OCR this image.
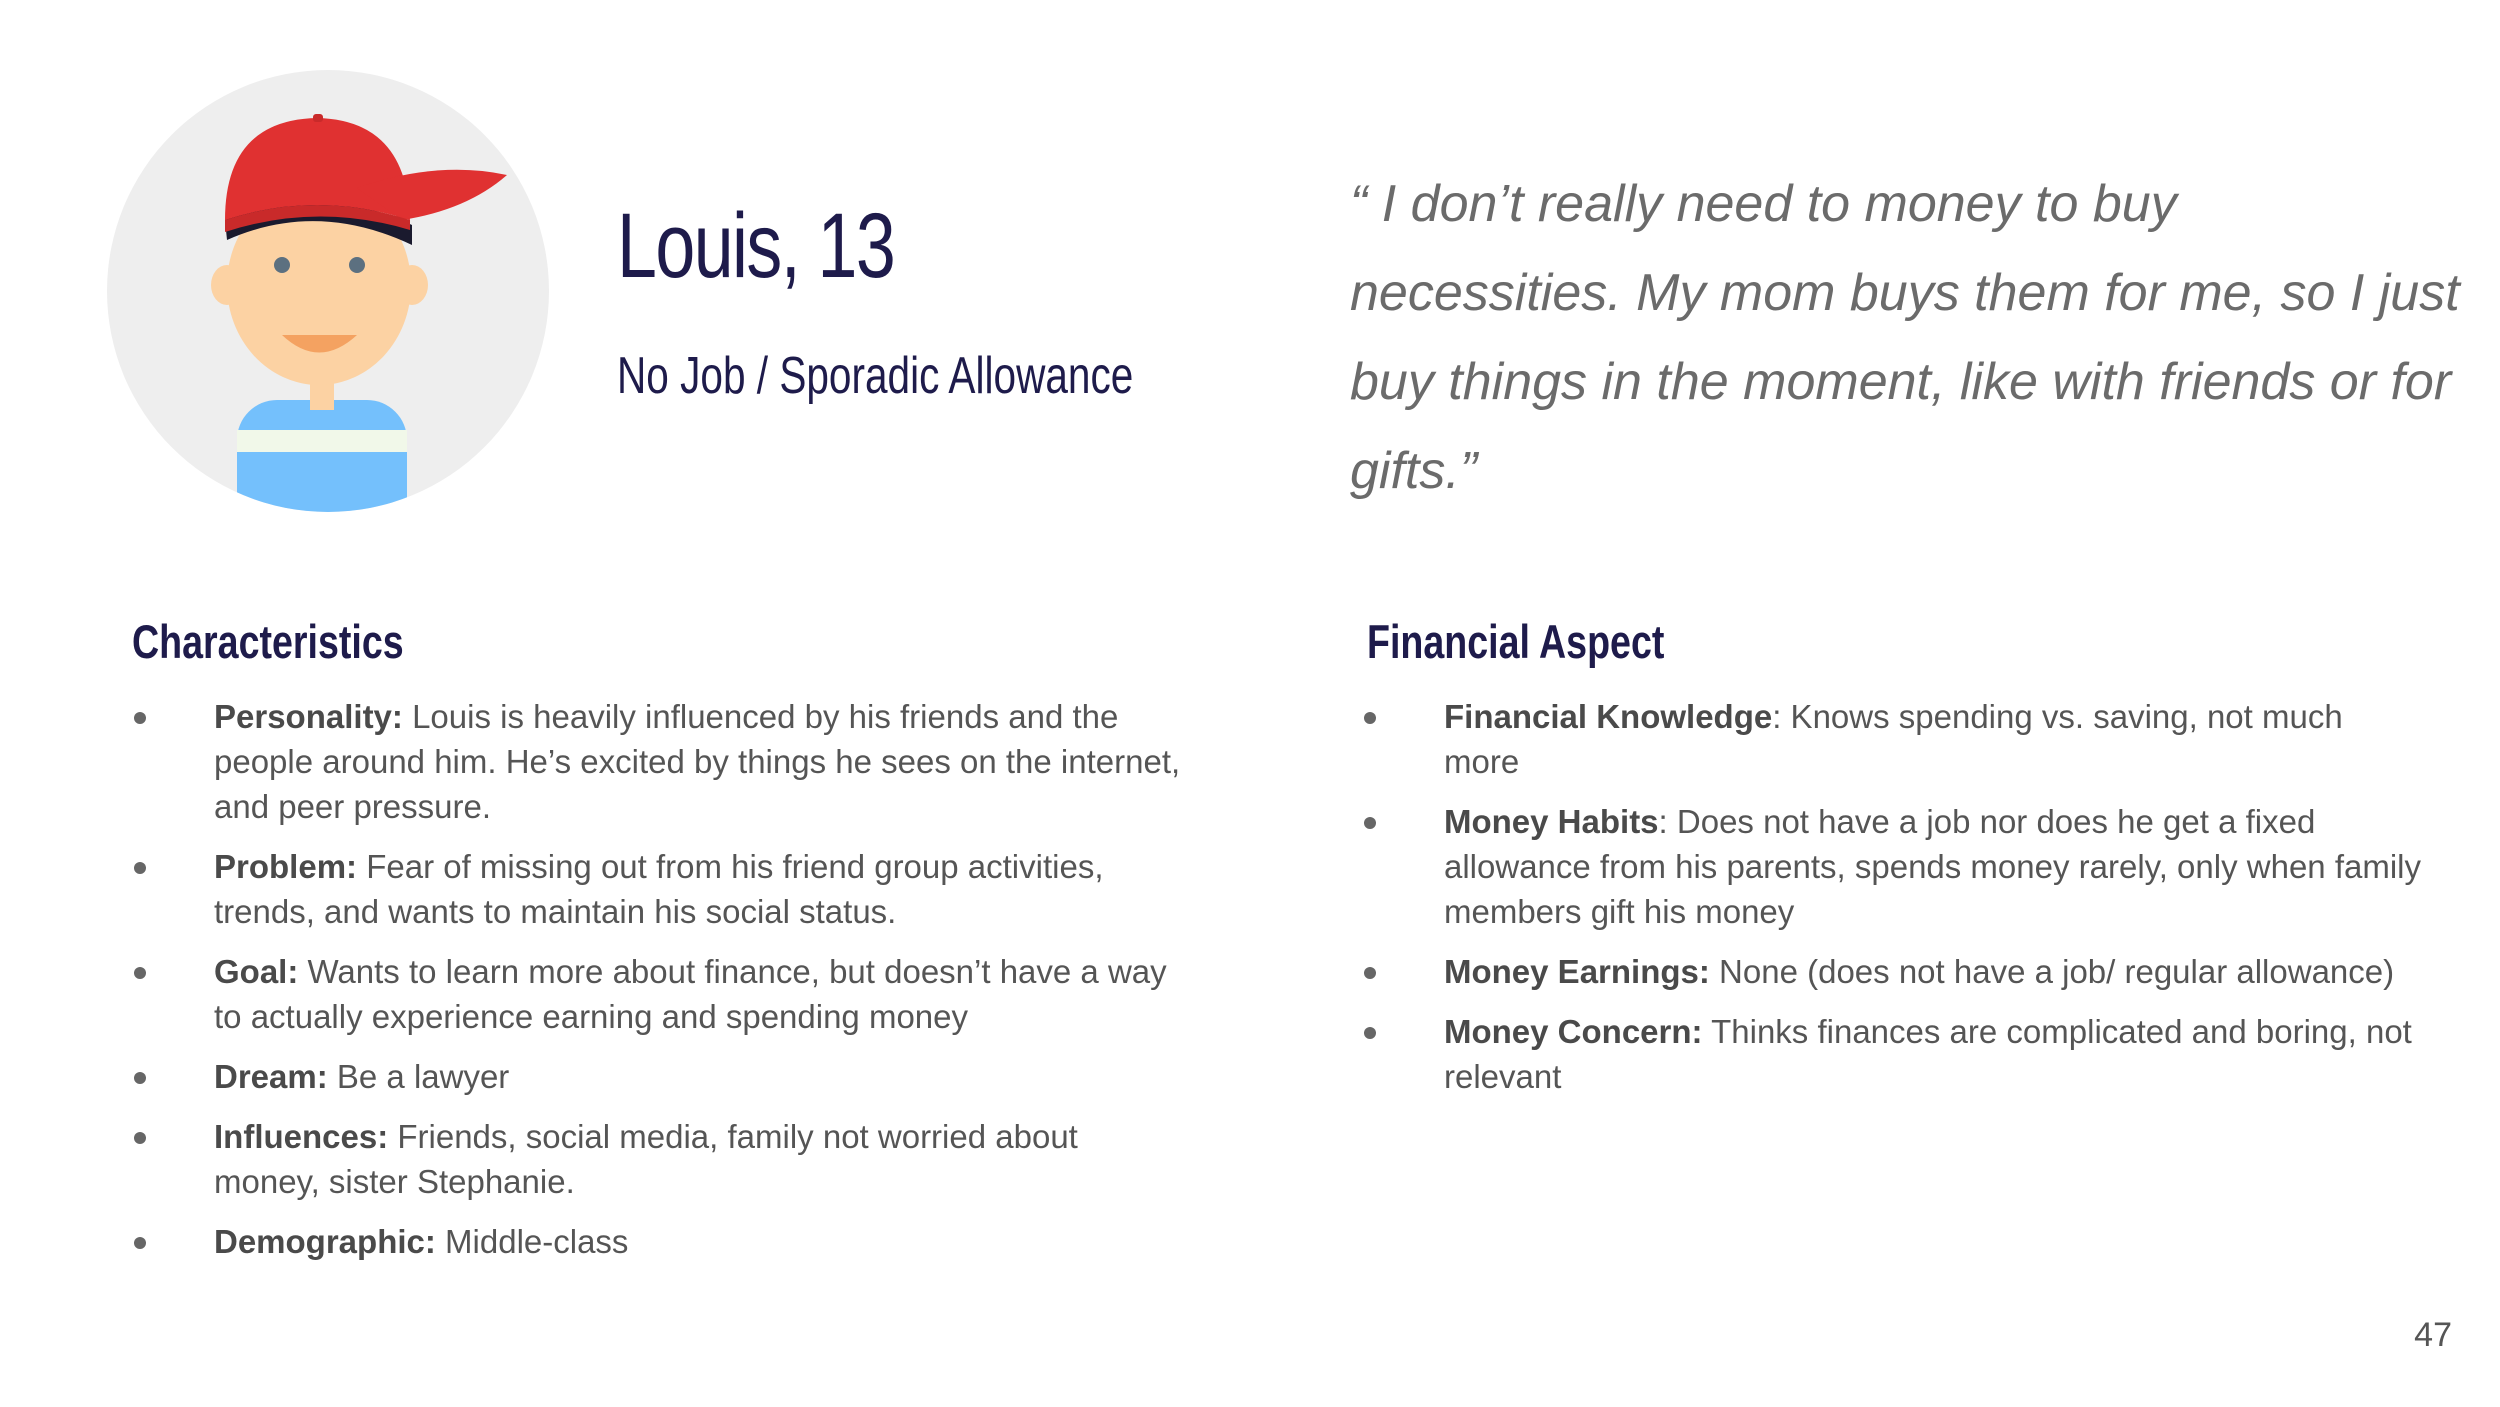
Louis, 13
No Job / Sporadic Allowance
“ I don’t really need to money to buy necessities. My mom buys them for me, so I just buy things in the moment, like with friends or for gifts.”
Characteristics
Personality: Louis is heavily influenced by his friends and the people around him. He’s excited by things he sees on the internet, and peer pressure.
Problem: Fear of missing out from his friend group activities, trends, and wants to maintain his social status.
Goal: Wants to learn more about finance, but doesn’t have a way to actually experience earning and spending money
Dream: Be a lawyer
Influences: Friends, social media, family not worried about money, sister Stephanie.
Demographic: Middle-class
Financial Aspect
Financial Knowledge: Knows spending vs. saving, not much more
Money Habits: Does not have a job nor does he get a fixed allowance from his parents, spends money rarely, only when family members gift his money
Money Earnings: None (does not have a job/ regular allowance)
Money Concern: Thinks finances are complicated and boring, not relevant
47
